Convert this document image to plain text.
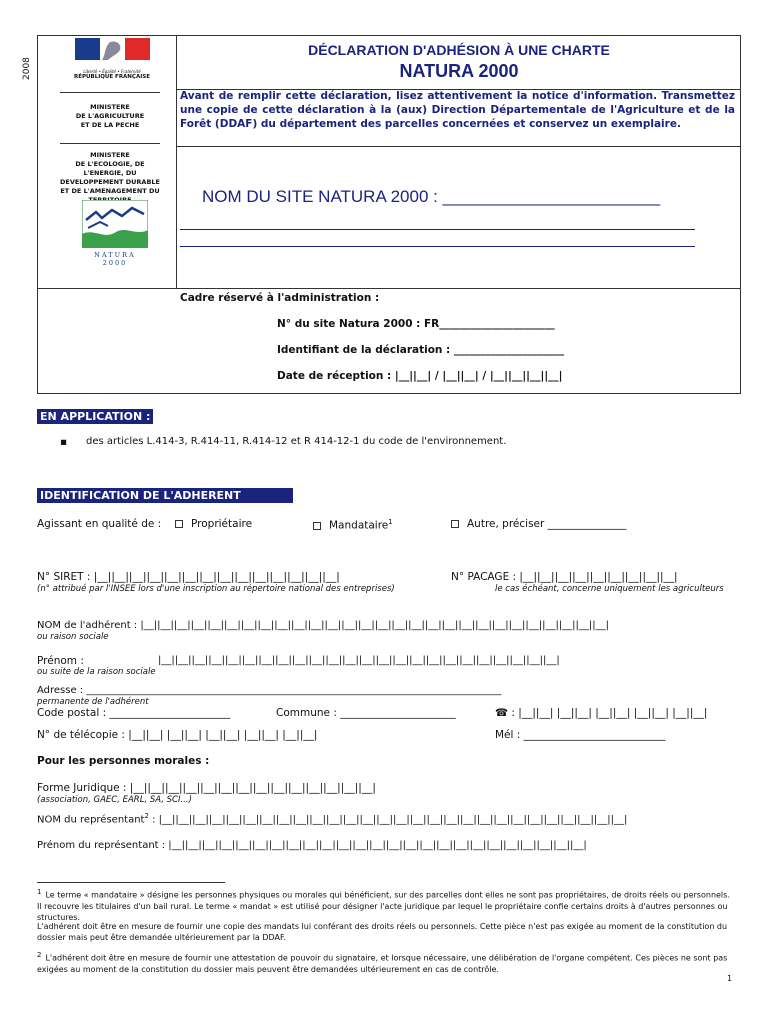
2008	Liberté • Égalité • Fraternité
RÉPUBLIQUE FRANÇAISE
MINISTERE
DE L'AGRICULTURE
ET DE LA PECHE
MINISTERE
DE L'ECOLOGIE, DE
L'ENERGIE, DU
DEVELOPPEMENT DURABLE
ET DE L'AMENAGEMENT DU

NATURA 2000
DÉCLARATION D'ADHÉSION À UNE CHARTE
NATURA 2000
Avant de remplir cette déclaration, lisez attentivement la notice d'information. Transmettez une copie de cette déclaration à la (aux) Direction Départementale de l'Agriculture et de la Forêt (DDAF) du département des parcelles concernées et conservez un exemplaire.
NOM DU SITE NATURA 2000 : _______________________
Cadre réservé à l'administration :
N° du site Natura 2000 : FR______________________
Identifiant de la déclaration : _____________________
Date de réception : |__||__| / |__||__| / |__||__||__||__|
EN APPLICATION :
▪ des articles L.414-3, R.414-11, R.414-12 et R 414-12-1 du code de l'environnement.
IDENTIFICATION DE L'ADHERENT
Agissant en qualité de :	Propriétaire	Mandataire$^1$	Autre, préciser _______________
N° SIRET : |__||__||__||__||__||__||__||__||__||__||__||__||__||__|
(n° attribué par l'INSEE lors d'une inscription au répertoire national des entreprises)
N° PACAGE : |__||__||__||__||__||__||__||__||__|
le cas échéant, concerne uniquement les agriculteurs
NOM de l'adhérent : |__||__||__||__||__||__||__||__||__||__||__||__||__||__||__||__||__||__||__||__||__||__||__||__||__||__||__||__|
ou raison sociale
Prénom :	|__||__||__||__||__||__||__||__||__||__||__||__||__||__||__||__||__||__||__||__||__||__||__||__|
ou suite de la raison sociale
Adresse : ___________________________________________________________________________________
permanente de l'adhérent
Code postal : _______________________	Commune : ______________________	☎ : |__||__| |__||__| |__||__| |__||__| |__||__|
N° de télécopie : |__||__| |__||__| |__||__| |__||__| |__||__|	Mél : ___________________________
Pour les personnes morales :
Forme Juridique : |__||__||__||__||__||__||__||__||__||__||__||__||__||__|
(association, GAEC, EARL, SA, SCI...)
NOM du représentant$^2$ : |__||__||__||__||__||__||__||__||__||__||__||__||__||__||__||__||__||__||__||__||__||__||__||__||__||__||__||__|
Prénom du représentant : |__||__||__||__||__||__||__||__||__||__||__||__||__||__||__||__||__||__||__||__||__||__||__||__||__|
$^1$ Le terme « mandataire » désigne les personnes physiques ou morales qui bénéficient, sur des parcelles dont elles ne sont pas propriétaires, de droits réels ou personnels. Il recouvre les titulaires d'un bail rural. Le terme « mandat » est utilisé pour désigner l'acte juridique par lequel le propriétaire confie certains droits à d'autres personnes ou structures.
L'adhérent doit être en mesure de fournir une copie des mandats lui conférant des droits réels ou personnels. Cette pièce n'est pas exigée au moment de la constitution du dossier mais peut être demandée ultérieurement par la DDAF.
$^2$ L'adhérent doit être en mesure de fournir une attestation de pouvoir du signataire, et lorsque nécessaire, une délibération de l'organe compétent. Ces pièces ne sont pas exigées au moment de la constitution du dossier mais peuvent être demandées ultérieurement en cas de contrôle.
1
